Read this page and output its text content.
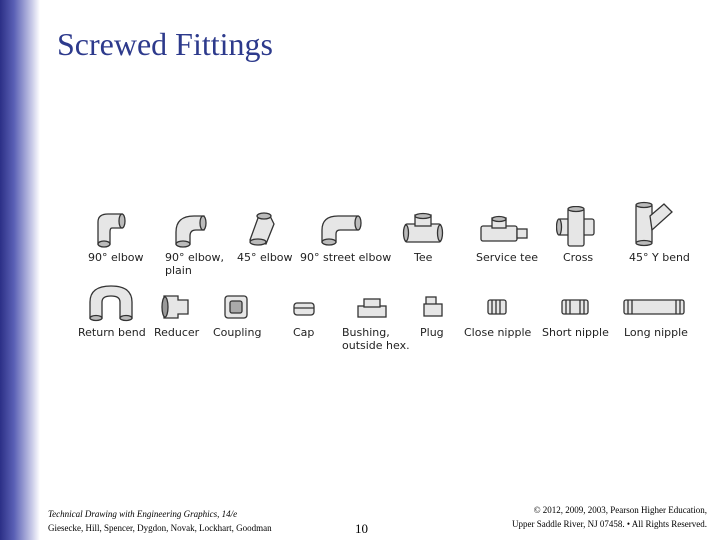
Screwed Fittings
90° elbow 90° elbow,
plain
45° elbow 90° street elbow Tee	Service tee Cross	45° Y bend
Return bend Reducer Coupling	Cap	Bushing,
outside hex.
Plug Close nipple Short nipple Long nipple
Technical Drawing with Engineering Graphics, 14/e
Giesecke, Hill, Spencer, Dygdon, Novak, Lockhart, Goodman	10
© 2012, 2009, 2003, Pearson Higher Education,
Upper Saddle River, NJ 07458. • All Rights Reserved.
